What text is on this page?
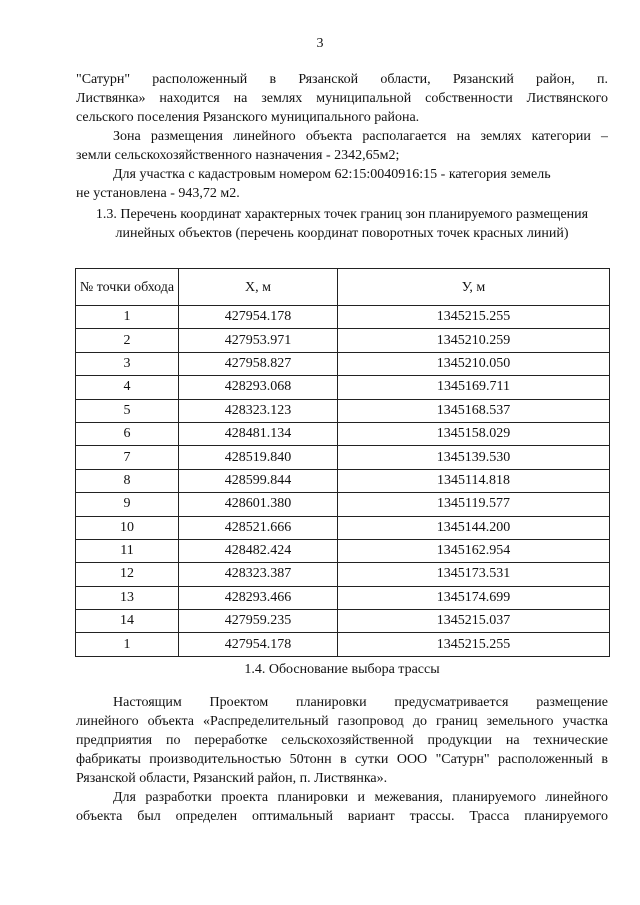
3

"Сатурн" расположенный в Рязанской области, Рязанский район, п.

Листвянка» находится на землях муниципальной собственности Листвянского

сельского поселения Рязанского муниципального района.

Зона размещения линейного объекта располагается на землях категории –

земли сельскохозяйственного назначения - 2342,65м2;

Для участка с кадастровым номером 62:15:0040916:15 - категория земель

не установлена - 943,72 м2.

1.3. Перечень координат характерных точек границ зон планируемого размещения линейных объектов (перечень координат поворотных точек красных линий)

№ точки обхода	Х, м	У, м
1	427954.178	1345215.255
2	427953.971	1345210.259
3	427958.827	1345210.050
4	428293.068	1345169.711
5	428323.123	1345168.537
6	428481.134	1345158.029
7	428519.840	1345139.530
8	428599.844	1345114.818
9	428601.380	1345119.577
10	428521.666	1345144.200
11	428482.424	1345162.954
12	428323.387	1345173.531
13	428293.466	1345174.699
14	427959.235	1345215.037
1	427954.178	1345215.255

1.4. Обоснование выбора трассы

Настоящим Проектом планировки предусматривается размещение

линейного объекта «Распределительный газопровод до границ земельного участка

предприятия по переработке сельскохозяйственной продукции на технические

фабрикаты производительностью 50тонн в сутки ООО "Сатурн" расположенный в

Рязанской области, Рязанский район, п. Листвянка».

Для разработки проекта планировки и межевания, планируемого линейного

объекта был определен оптимальный вариант трассы. Трасса планируемого
